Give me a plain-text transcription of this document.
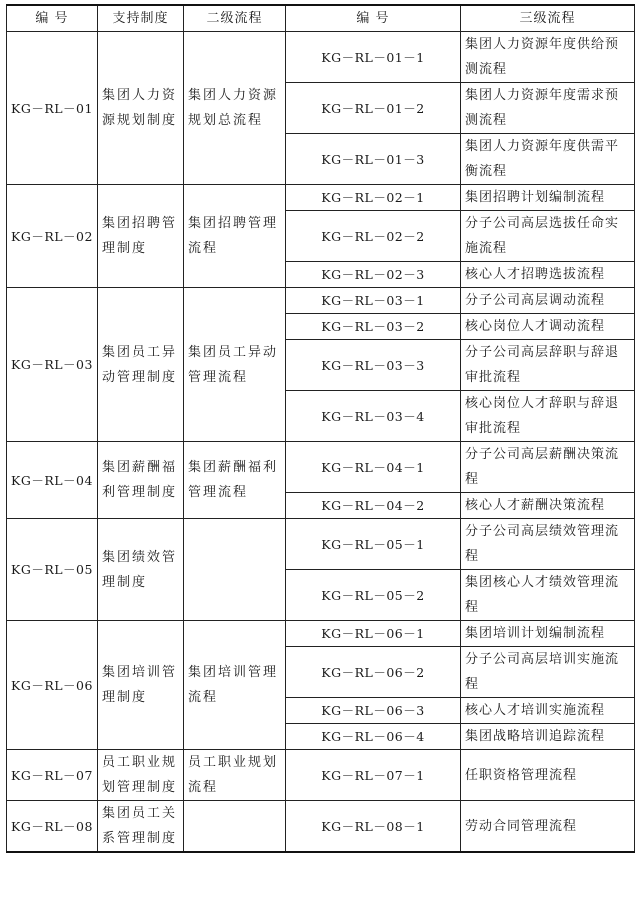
编 号	支持制度	二级流程	编 号	三级流程
KG－RL－01	集团人力资源规划制度	集团人力资源规划总流程	KG－RL－01－1	集团人力资源年度供给预测流程
			KG－RL－01－2	集团人力资源年度需求预测流程
			KG－RL－01－3	集团人力资源年度供需平衡流程
KG－RL－02	集团招聘管理制度	集团招聘管理流程	KG－RL－02－1	集团招聘计划编制流程
			KG－RL－02－2	分子公司高层选拔任命实施流程
			KG－RL－02－3	核心人才招聘选拔流程
KG－RL－03	集团员工异动管理制度	集团员工异动管理流程	KG－RL－03－1	分子公司高层调动流程
			KG－RL－03－2	核心岗位人才调动流程
			KG－RL－03－3	分子公司高层辞职与辞退审批流程
			KG－RL－03－4	核心岗位人才辞职与辞退审批流程
KG－RL－04	集团薪酬福利管理制度	集团薪酬福利管理流程	KG－RL－04－1	分子公司高层薪酬决策流程
			KG－RL－04－2	核心人才薪酬决策流程
KG－RL－05	集团绩效管理制度		KG－RL－05－1	分子公司高层绩效管理流程
			KG－RL－05－2	集团核心人才绩效管理流程
KG－RL－06	集团培训管理制度	集团培训管理流程	KG－RL－06－1	集团培训计划编制流程
			KG－RL－06－2	分子公司高层培训实施流程
			KG－RL－06－3	核心人才培训实施流程
			KG－RL－06－4	集团战略培训追踪流程
KG－RL－07	员工职业规划管理制度	员工职业规划流程	KG－RL－07－1	任职资格管理流程
KG－RL－08	集团员工关系管理制度		KG－RL－08－1	劳动合同管理流程
